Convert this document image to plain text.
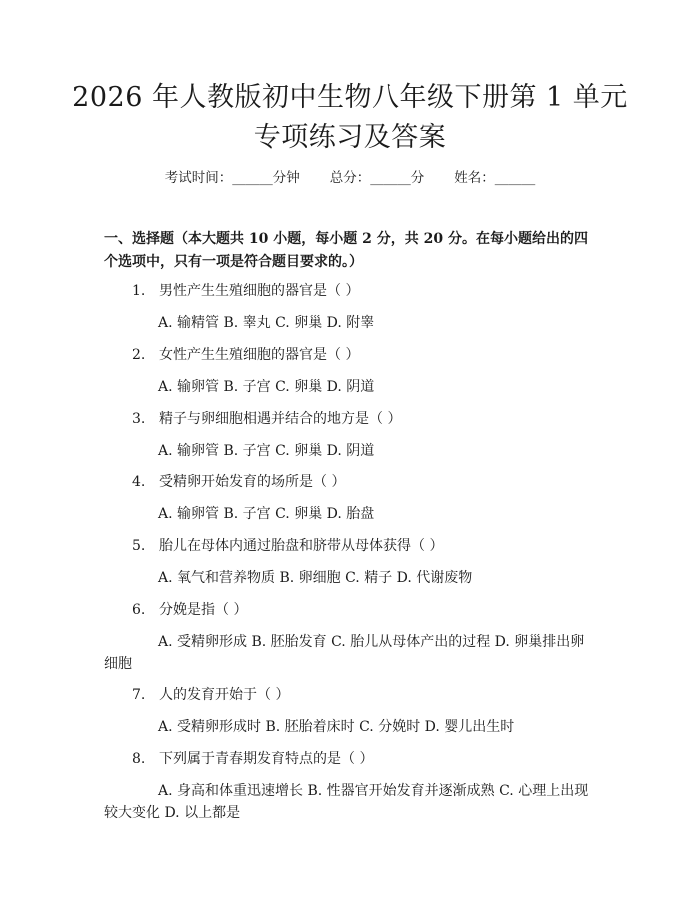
2026 年人教版初中生物八年级下册第 1 单元
专项练习及答案
考试时间：______分钟 总分：______分 姓名：______
一、选择题（本大题共 10 小题，每小题 2 分，共 20 分。在每小题给出的四个选项中，只有一项是符合题目要求的。）
1. 男性产生生殖细胞的器官是（ ）
A. 输精管 B. 睾丸 C. 卵巢 D. 附睾
2. 女性产生生殖细胞的器官是（ ）
A. 输卵管 B. 子宫 C. 卵巢 D. 阴道
3. 精子与卵细胞相遇并结合的地方是（ ）
A. 输卵管 B. 子宫 C. 卵巢 D. 阴道
4. 受精卵开始发育的场所是（ ）
A. 输卵管 B. 子宫 C. 卵巢 D. 胎盘
5. 胎儿在母体内通过胎盘和脐带从母体获得（ ）
A. 氧气和营养物质 B. 卵细胞 C. 精子 D. 代谢废物
6. 分娩是指（ ）
A. 受精卵形成 B. 胚胎发育 C. 胎儿从母体产出的过程 D. 卵巢排出卵细胞
7. 人的发育开始于（ ）
A. 受精卵形成时 B. 胚胎着床时 C. 分娩时 D. 婴儿出生时
8. 下列属于青春期发育特点的是（ ）
A. 身高和体重迅速增长 B. 性器官开始发育并逐渐成熟 C. 心理上出现较大变化 D. 以上都是
